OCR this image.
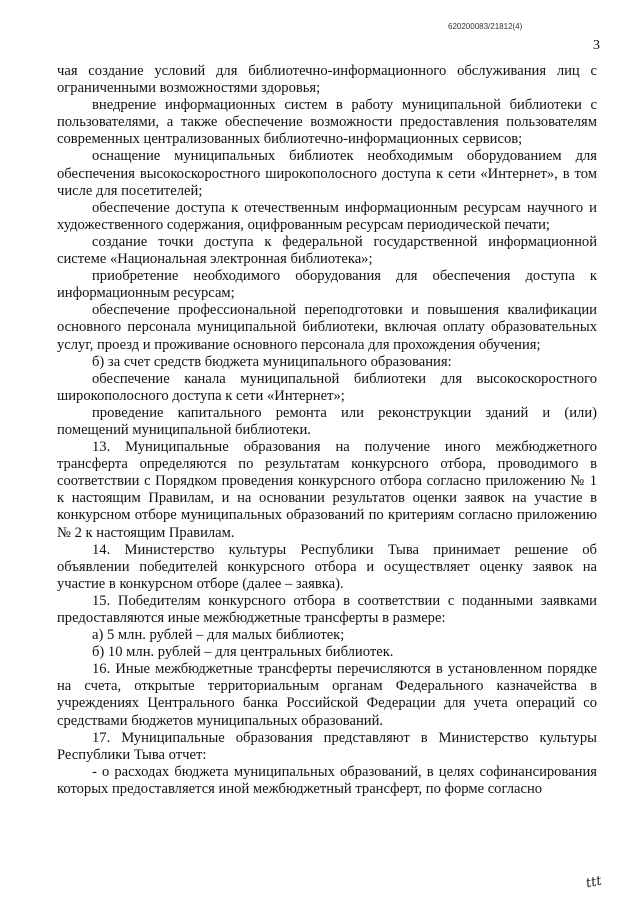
620200083/21812(4)
3

чая создание условий для библиотечно-информационного обслуживания лиц с ограниченными возможностями здоровья;

внедрение информационных систем в работу муниципальной библиотеки с пользователями, а также обеспечение возможности предоставления пользователям современных централизованных библиотечно-информационных сервисов;

оснащение муниципальных библиотек необходимым оборудованием для обеспечения высокоскоростного широкополосного доступа к сети «Интернет», в том числе для посетителей;

обеспечение доступа к отечественным информационным ресурсам научного и художественного содержания, оцифрованным ресурсам периодической печати;

создание точки доступа к федеральной государственной информационной системе «Национальная электронная библиотека»;

приобретение необходимого оборудования для обеспечения доступа к информационным ресурсам;

обеспечение профессиональной переподготовки и повышения квалификации основного персонала муниципальной библиотеки, включая оплату образовательных услуг, проезд и проживание основного персонала для прохождения обучения;

б) за счет средств бюджета муниципального образования:

обеспечение канала муниципальной библиотеки для высокоскоростного широкополосного доступа к сети «Интернет»;

проведение капитального ремонта или реконструкции зданий и (или) помещений муниципальной библиотеки.

13. Муниципальные образования на получение иного межбюджетного трансферта определяются по результатам конкурсного отбора, проводимого в соответствии с Порядком проведения конкурсного отбора согласно приложению № 1 к настоящим Правилам, и на основании результатов оценки заявок на участие в конкурсном отборе муниципальных образований по критериям согласно приложению № 2 к настоящим Правилам.

14. Министерство культуры Республики Тыва принимает решение об объявлении победителей конкурсного отбора и осуществляет оценку заявок на участие в конкурсном отборе (далее – заявка).

15. Победителям конкурсного отбора в соответствии с поданными заявками предоставляются иные межбюджетные трансферты в размере:

а) 5 млн. рублей – для малых библиотек;

б) 10 млн. рублей – для центральных библиотек.

16. Иные межбюджетные трансферты перечисляются в установленном порядке на счета, открытые территориальным органам Федерального казначейства в учреждениях Центрального банка Российской Федерации для учета операций со средствами бюджетов муниципальных образований.

17. Муниципальные образования представляют в Министерство культуры Республики Тыва отчет:

- о расходах бюджета муниципальных образований, в целях софинансирования которых предоставляется иной межбюджетный трансферт, по форме согласно

ttt
